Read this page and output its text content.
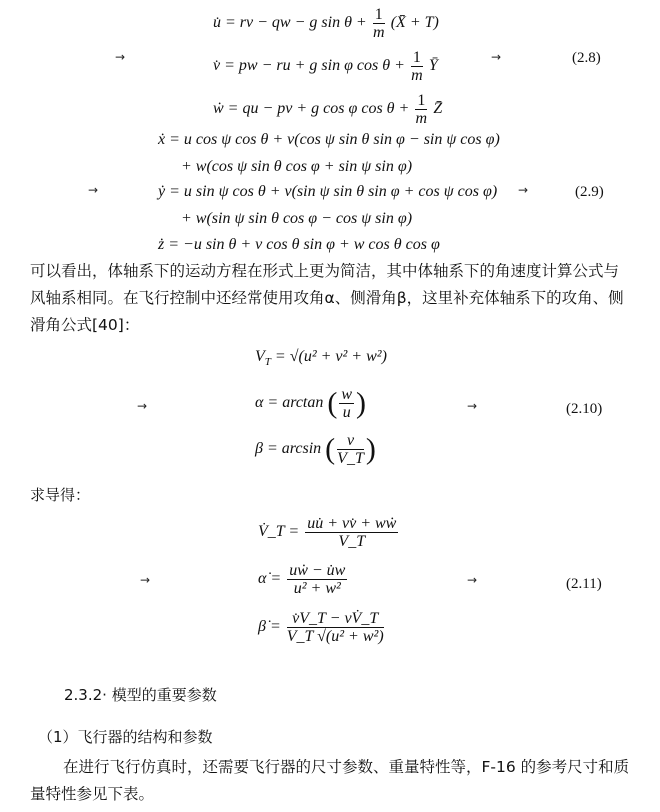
u̇ = rv − qw − g $\sin \theta + \frac{1}{m}$ (X̄ + T)
v̇ = pw − ru + g sin φ $\cos \theta + \frac{1}{m}$ Ȳ
ẇ = qu − pv + g cos φ $\cos \theta + \frac{1}{m}$ Z̄
→	→	(2.8)
ẋ = u cos ψ cos θ + v(cos ψ sin θ sin φ − sin ψ cos φ)
+ w(cos ψ sin θ cos φ + sin ψ sin φ)
ẏ = u sin ψ cos θ + v(sin ψ sin θ sin φ + cos ψ cos φ)
+ w(sin ψ sin θ cos φ − cos ψ sin φ)
ż = −u sin θ + v cos θ sin φ + w cos θ cos φ
→	→	(2.9)
可以看出，体轴系下的运动方程在形式上更为简洁，其中体轴系下的角速度计算公式与风轴系相同。在飞行控制中还经常使用攻角α、侧滑角β，这里补充体轴系下的攻角、侧滑角公式[40]：
$V_T = √(u^2 + v^2 + w^2)$
α = arctan ( $\frac{w}{u}$ )
β = arcsin ( $\frac{v}{V\_T}$ )
→	→	(2.10)
求导得：
V̇_T = $\frac{\text{uu̇ + vv̇ + wẇ}}{V\_T}$
α̇ = $\frac{\text{uẇ − u̇w}}{\text{u² + w²}}$
β̇ = $\frac{v̇V\_T - vV̇\_T}{\text{V\_T √(u² + w²)}}$
→	→	(2.11)
2.3.2· 模型的重要参数
（1）飞行器的结构和参数
在进行飞行仿真时，还需要飞行器的尺寸参数、重量特性等，F-16 的参考尺寸和质量特性参见下表。
